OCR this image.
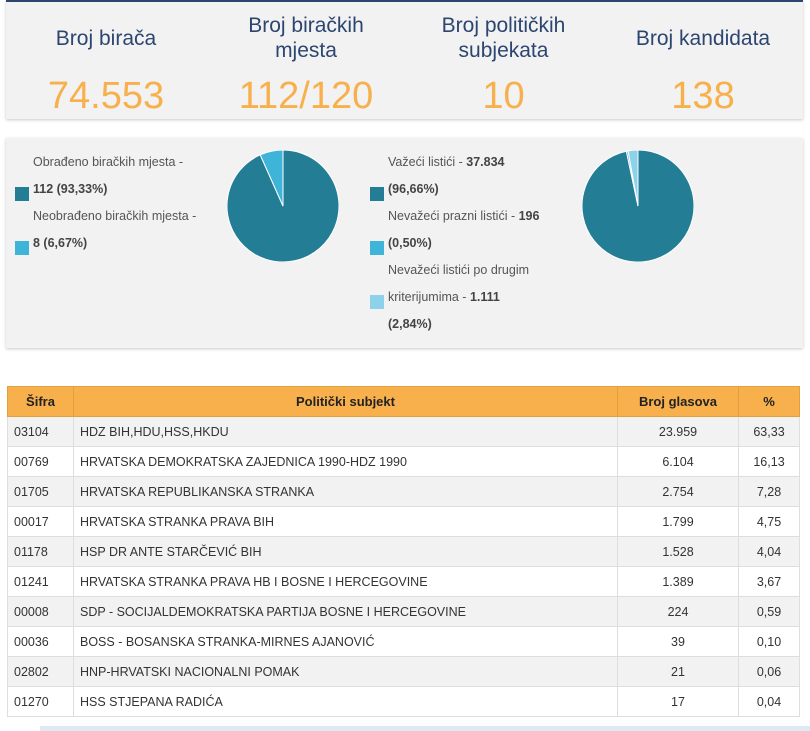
Broj birača
74.553
Broj biračkih mjesta
112/120
Broj političkih subjekata
10
Broj kandidata
138
Obrađeno biračkih mjesta -

112 (93,33%)
Neobrađeno biračkih mjesta -

8 (6,67%)
Važeći listići - 37.834

(96,66%)
Nevažeći prazni listići - 196

(0,50%)
Nevažeći listići po drugim

kriterijumima - 1.111
(2,84%)
Šifra	Politički subjekt	Broj glasova	%
03104	HDZ BIH,HDU,HSS,HKDU	23.959	63,33
00769	HRVATSKA DEMOKRATSKA ZAJEDNICA 1990-HDZ 1990	6.104	16,13
01705	HRVATSKA REPUBLIKANSKA STRANKA	2.754	7,28
00017	HRVATSKA STRANKA PRAVA BIH	1.799	4,75
01178	HSP DR ANTE STARČEVIĆ BIH	1.528	4,04
01241	HRVATSKA STRANKA PRAVA HB I BOSNE I HERCEGOVINE	1.389	3,67
00008	SDP - SOCIJALDEMOKRATSKA PARTIJA BOSNE I HERCEGOVINE	224	0,59
00036	BOSS - BOSANSKA STRANKA-MIRNES AJANOVIĆ	39	0,10
02802	HNP-HRVATSKI NACIONALNI POMAK	21	0,06
01270	HSS STJEPANA RADIĆA	17	0,04
